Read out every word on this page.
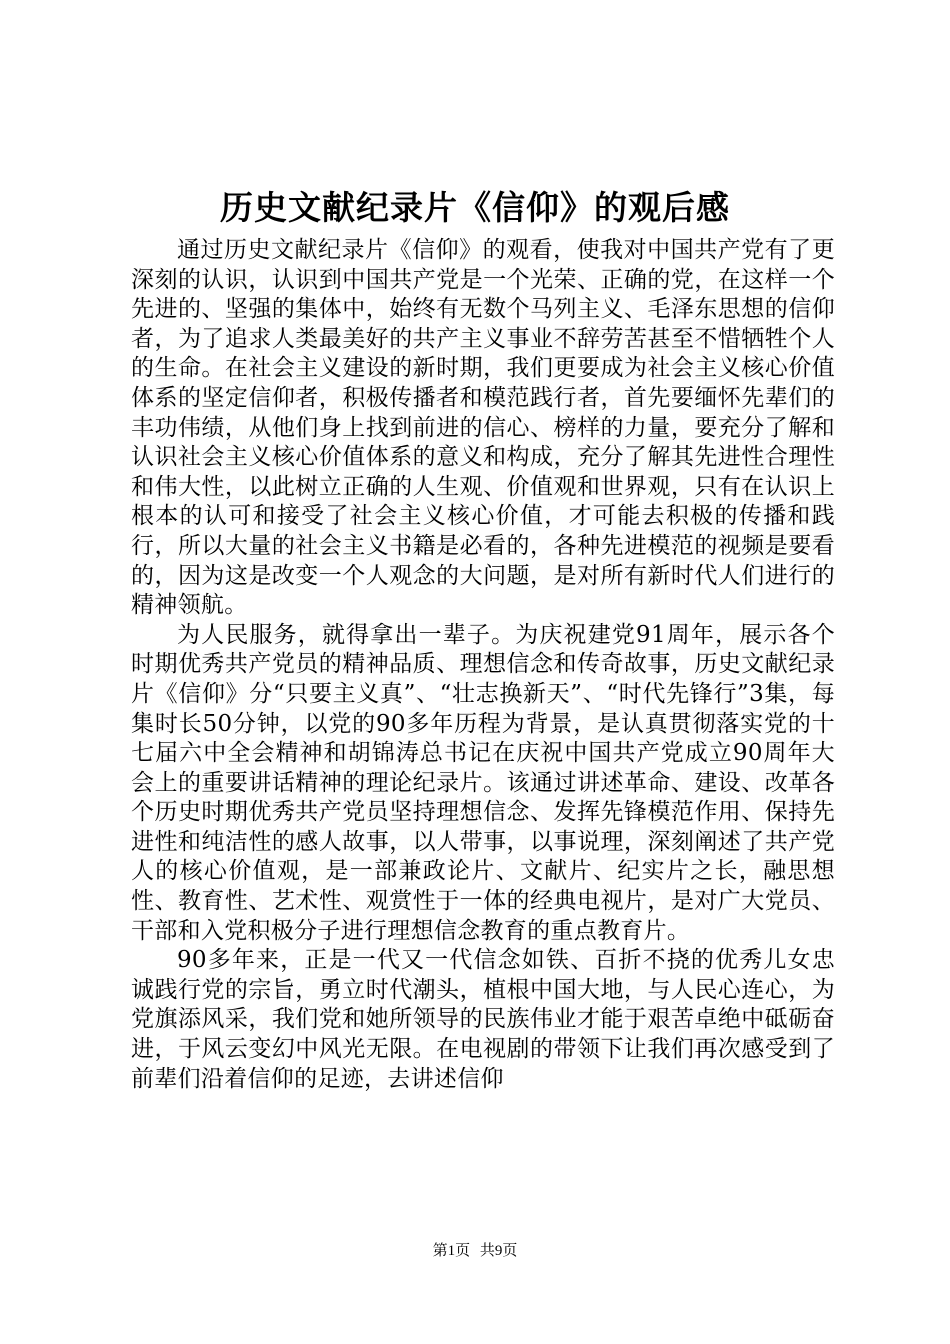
历史文献纪录片《信仰》的观后感

通过历史文献纪录片《信仰》的观看，使我对中国共产党有了更深刻的认识，认识到中国共产党是一个光荣、正确的党，在这样一个先进的、坚强的集体中，始终有无数个马列主义、毛泽东思想的信仰者，为了追求人类最美好的共产主义事业不辞劳苦甚至不惜牺牲个人的生命。在社会主义建设的新时期，我们更要成为社会主义核心价值体系的坚定信仰者，积极传播者和模范践行者，首先要缅怀先辈们的丰功伟绩，从他们身上找到前进的信心、榜样的力量，要充分了解和认识社会主义核心价值体系的意义和构成，充分了解其先进性合理性和伟大性，以此树立正确的人生观、价值观和世界观，只有在认识上根本的认可和接受了社会主义核心价值，才可能去积极的传播和践行，所以大量的社会主义书籍是必看的，各种先进模范的视频是要看的，因为这是改变一个人观念的大问题，是对所有新时代人们进行的精神领航。

为人民服务，就得拿出一辈子。为庆祝建党91周年，展示各个时期优秀共产党员的精神品质、理想信念和传奇故事，历史文献纪录片《信仰》分“只要主义真”、“壮志换新天”、“时代先锋行”3集，每集时长50分钟，以党的90多年历程为背景，是认真贯彻落实党的十七届六中全会精神和胡锦涛总书记在庆祝中国共产党成立90周年大会上的重要讲话精神的理论纪录片。该通过讲述革命、建设、改革各个历史时期优秀共产党员坚持理想信念、发挥先锋模范作用、保持先进性和纯洁性的感人故事，以人带事，以事说理，深刻阐述了共产党人的核心价值观，是一部兼政论片、文献片、纪实片之长，融思想性、教育性、艺术性、观赏性于一体的经典电视片，是对广大党员、干部和入党积极分子进行理想信念教育的重点教育片。

90多年来，正是一代又一代信念如铁、百折不挠的优秀儿女忠诚践行党的宗旨，勇立时代潮头，植根中国大地，与人民心连心，为党旗添风采，我们党和她所领导的民族伟业才能于艰苦卓绝中砥砺奋进，于风云变幻中风光无限。在电视剧的带领下让我们再次感受到了前辈们沿着信仰的足迹，去讲述信仰

第1页 共9页
